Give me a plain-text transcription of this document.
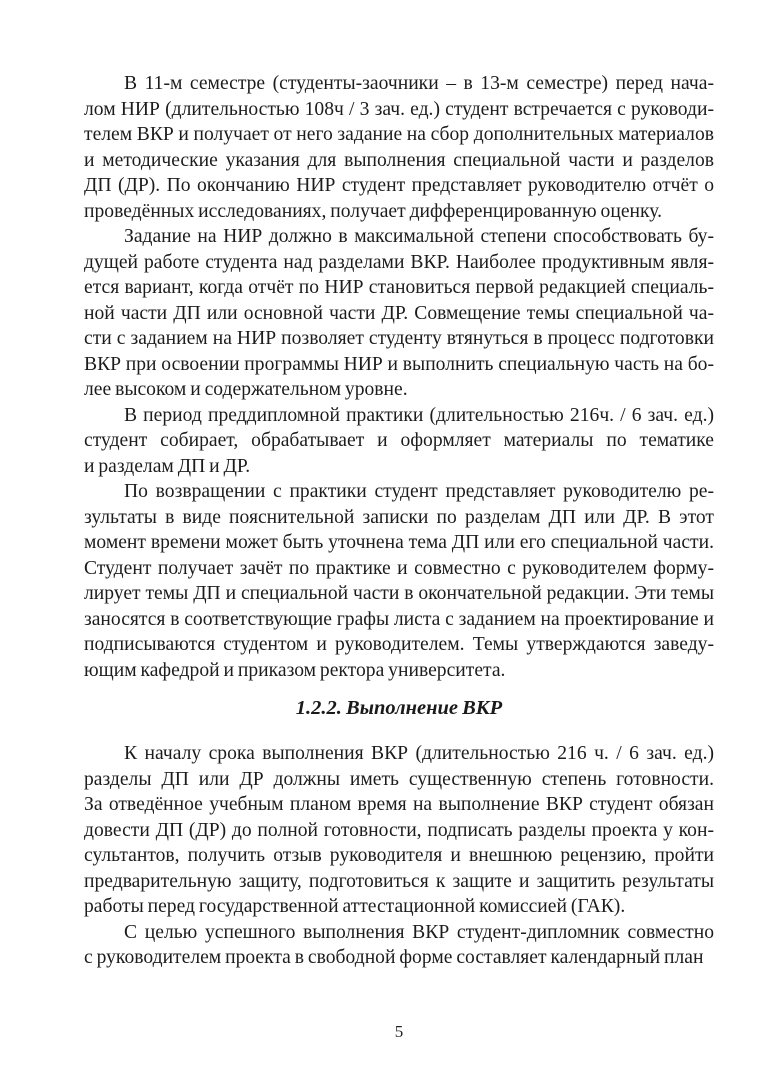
В 11-м семестре (студенты-заочники – в 13-м семестре) перед нача-
лом НИР (длительностью 108ч / 3 зач. ед.) студент встречается с руководи-
телем ВКР и получает от него задание на сбор дополнительных материалов
и методические указания для выполнения специальной части и разделов
ДП (ДР). По окончанию НИР студент представляет руководителю отчёт о
проведённых исследованиях, получает дифференцированную оценку.
Задание на НИР должно в максимальной степени способствовать бу-
дущей работе студента над разделами ВКР. Наиболее продуктивным явля-
ется вариант, когда отчёт по НИР становиться первой редакцией специаль-
ной части ДП или основной части ДР. Совмещение темы специальной ча-
сти с заданием на НИР позволяет студенту втянуться в процесс подготовки
ВКР при освоении программы НИР и выполнить специальную часть на бо-
лее высоком и содержательном уровне.
В период преддипломной практики (длительностью 216ч. / 6 зач. ед.)
студент собирает, обрабатывает и оформляет материалы по тематике
и разделам ДП и ДР.
По возвращении с практики студент представляет руководителю ре-
зультаты в виде пояснительной записки по разделам ДП или ДР. В этот
момент времени может быть уточнена тема ДП или его специальной части.
Студент получает зачёт по практике и совместно с руководителем форму-
лирует темы ДП и специальной части в окончательной редакции. Эти темы
заносятся в соответствующие графы листа с заданием на проектирование и
подписываются студентом и руководителем. Темы утверждаются заведу-
ющим кафедрой и приказом ректора университета.
1.2.2. Выполнение ВКР
К началу срока выполнения ВКР (длительностью 216 ч. / 6 зач. ед.)
разделы ДП или ДР должны иметь существенную степень готовности.
За отведённое учебным планом время на выполнение ВКР студент обязан
довести ДП (ДР) до полной готовности, подписать разделы проекта у кон-
сультантов, получить отзыв руководителя и внешнюю рецензию, пройти
предварительную защиту, подготовиться к защите и защитить результаты
работы перед государственной аттестационной комиссией (ГАК).
С целью успешного выполнения ВКР студент-дипломник совместно
с руководителем проекта в свободной форме составляет календарный план
5
